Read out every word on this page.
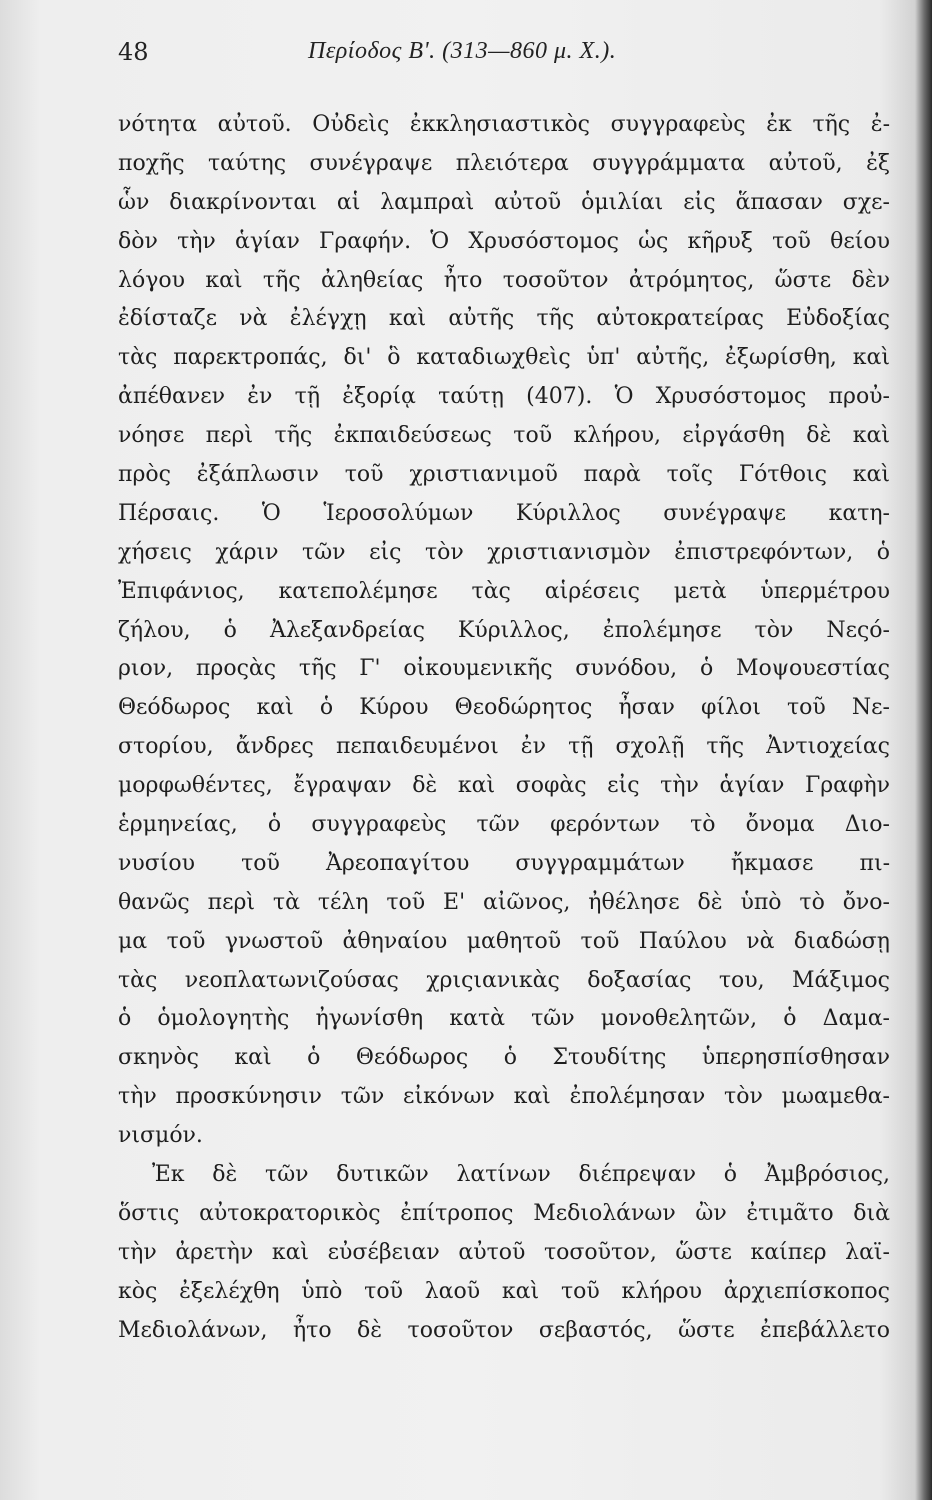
48	Περίοδος Β'. (313—860 μ. Χ.).
νότητα αὐτοῦ. Οὐδεὶς ἐκκλησιαστικὸς συγγραφεὺς ἐκ τῆς ἐ-
ποχῆς ταύτης συνέγραψε πλειότερα συγγράμματα αὐτοῦ, ἐξ
ὧν διακρίνονται αἱ λαμπραὶ αὐτοῦ ὁμιλίαι εἰς ἅπασαν σχε-
δὸν τὴν ἁγίαν Γραφήν. Ὁ Χρυσόστομος ὡς κῆρυξ τοῦ θείου
λόγου καὶ τῆς ἀληθείας ἦτο τοσοῦτον ἀτρόμητος, ὥστε δὲν
ἐδίσταζε νὰ ἐλέγχῃ καὶ αὐτῆς τῆς αὐτοκρατείρας Εὐδοξίας
τὰς παρεκτροπάς, δι' ὃ καταδιωχθεὶς ὑπ' αὐτῆς, ἐξωρίσθη, καὶ
ἀπέθανεν ἐν τῇ ἐξορίᾳ ταύτῃ (407). Ὁ Χρυσόστομος προὐ-
νόησε περὶ τῆς ἐκπαιδεύσεως τοῦ κλήρου, εἰργάσθη δὲ καὶ
πρὸς ἐξάπλωσιν τοῦ χριστιανιμοῦ παρὰ τοῖς Γότθοις καὶ
Πέρσαις. Ὁ Ἱεροσολύμων Κύριλλος συνέγραψε κατη-
χήσεις χάριν τῶν εἰς τὸν χριστιανισμὸν ἐπιστρεφόντων, ὁ
Ἐπιφάνιος, κατεπολέμησε τὰς αἱρέσεις μετὰ ὑπερμέτρου
ζήλου, ὁ Ἀλεξανδρείας Κύριλλος, ἐπολέμησε τὸν Νεςό-
ριον, προςὰς τῆς Γ' οἰκουμενικῆς συνόδου, ὁ Μοψουεστίας
Θεόδωρος καὶ ὁ Κύρου Θεοδώρητος ἦσαν φίλοι τοῦ Νε-
στορίου, ἄνδρες πεπαιδευμένοι ἐν τῇ σχολῇ τῆς Ἀντιοχείας
μορφωθέντες, ἔγραψαν δὲ καὶ σοφὰς εἰς τὴν ἁγίαν Γραφὴν
ἑρμηνείας, ὁ συγγραφεὺς τῶν φερόντων τὸ ὄνομα Διο-
νυσίου τοῦ Ἀρεοπαγίτου συγγραμμάτων ἤκμασε πι-
θανῶς περὶ τὰ τέλη τοῦ Ε' αἰῶνος, ἠθέλησε δὲ ὑπὸ τὸ ὄνο-
μα τοῦ γνωστοῦ ἀθηναίου μαθητοῦ τοῦ Παύλου νὰ διαδώσῃ
τὰς νεοπλατωνιζούσας χριςιανικὰς δοξασίας του, Μάξιμος
ὁ ὁμολογητὴς ἠγωνίσθη κατὰ τῶν μονοθελητῶν, ὁ Δαμα-
σκηνὸς καὶ ὁ Θεόδωρος ὁ Στουδίτης ὑπερησπίσθησαν
τὴν προσκύνησιν τῶν εἰκόνων καὶ ἐπολέμησαν τὸν μωαμεθα-
νισμόν.
Ἐκ δὲ τῶν δυτικῶν λατίνων διέπρεψαν ὁ Ἀμβρόσιος,
ὅστις αὐτοκρατορικὸς ἐπίτροπος Μεδιολάνων ὢν ἐτιμᾶτο διὰ
τὴν ἀρετὴν καὶ εὐσέβειαν αὐτοῦ τοσοῦτον, ὥστε καίπερ λαϊ-
κὸς ἐξελέχθη ὑπὸ τοῦ λαοῦ καὶ τοῦ κλήρου ἀρχιεπίσκοπος
Μεδιολάνων, ἦτο δὲ τοσοῦτον σεβαστός, ὥστε ἐπεβάλλετο
